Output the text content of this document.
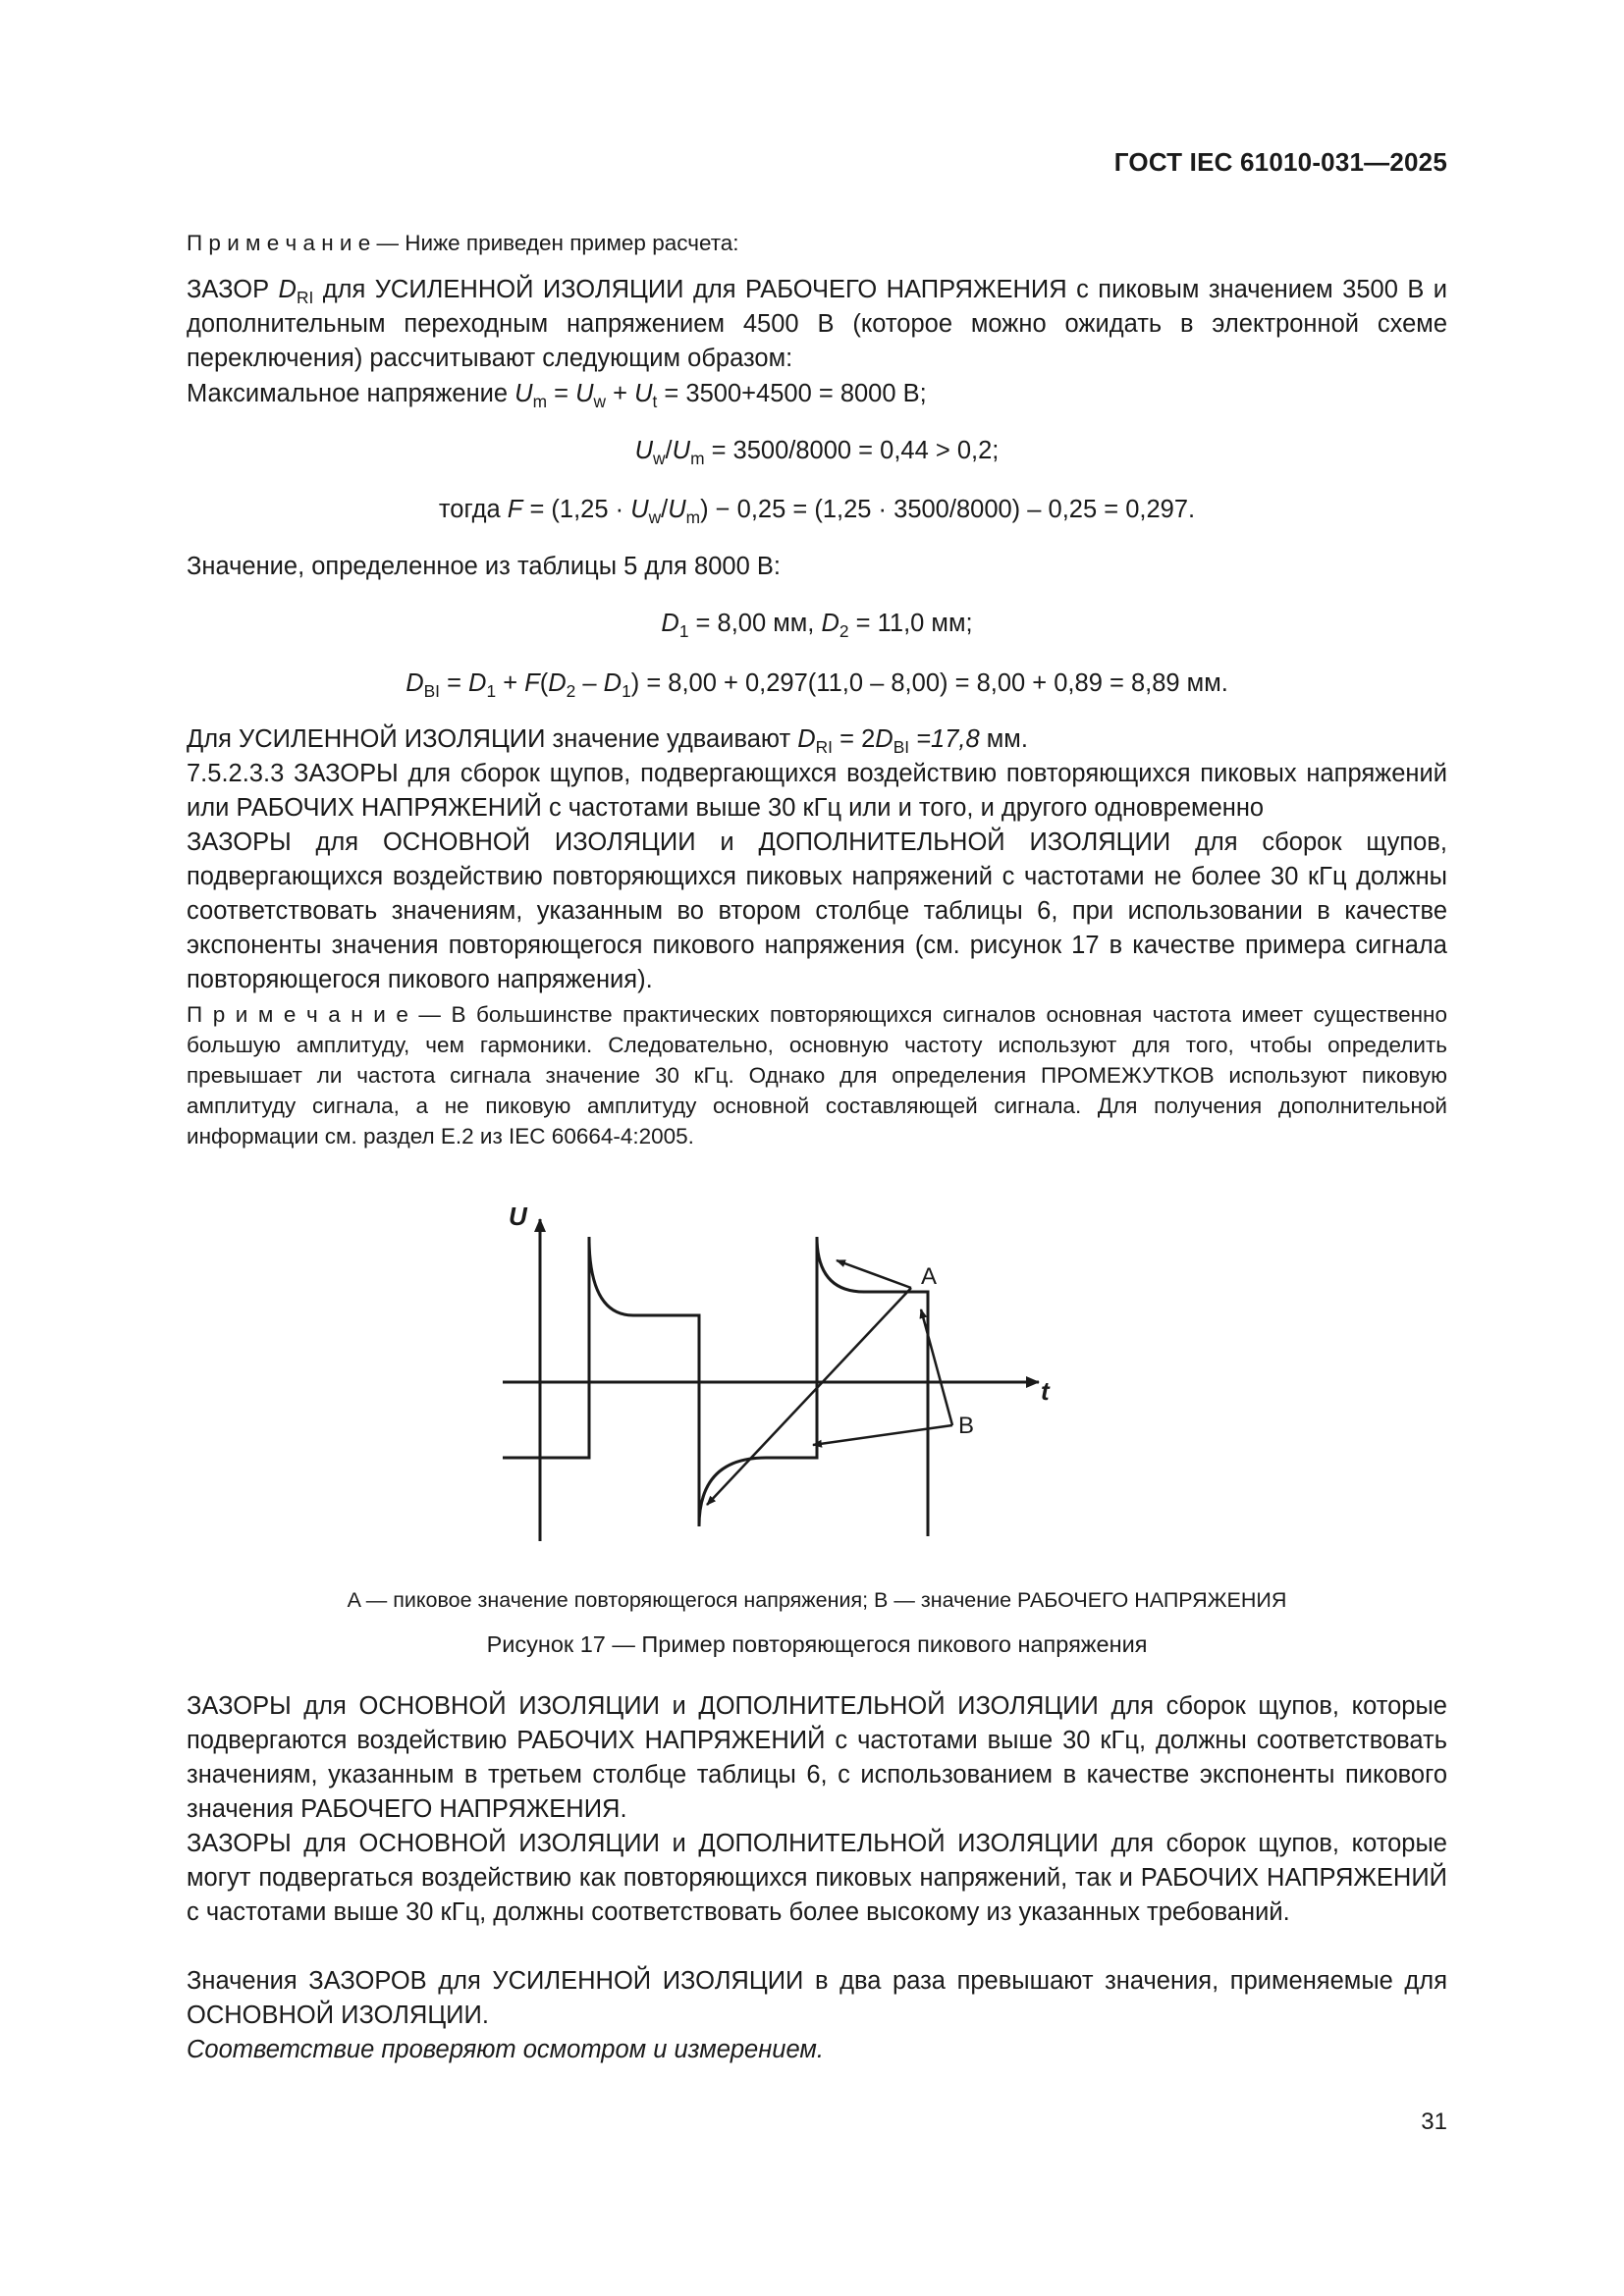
ГОСТ IEC 61010-031—2025
П р и м е ч а н и е — Ниже приведен пример расчета:
ЗАЗОР $D_{RI}$ для УСИЛЕННОЙ ИЗОЛЯЦИИ для РАБОЧЕГО НАПРЯЖЕНИЯ с пиковым значением 3500 В и дополнительным переходным напряжением 4500 В (которое можно ожидать в электронной схеме переключения) рассчитывают следующим образом:
Максимальное напряжение $U_m = U_w + U_t = 3500+4500 = 8000$ В;
$U_w/U_m = 3500/8000 = 0,44 > 0,2$;
тогда $F = (1,25 \cdot U_w/U_m) - 0,25 = (1,25 \cdot 3500/8000) - 0,25 = 0,297$.
Значение, определенное из таблицы 5 для 8000 В:
$D_1 = 8,00$ мм, $D_2 = 11,0$ мм;
$D_{BI} = D_1 + F(D_2 - D_1) = 8,00 + 0,297(11,0 - 8,00) = 8,00 + 0,89 = 8,89$ мм.
Для УСИЛЕННОЙ ИЗОЛЯЦИИ значение удваивают $D_{RI} = 2D_{BI} =17,8$ мм.
7.5.2.3.3 ЗАЗОРЫ для сборок щупов, подвергающихся воздействию повторяющихся пиковых напряжений или РАБОЧИХ НАПРЯЖЕНИЙ с частотами выше 30 кГц или и того, и другого одновременно
ЗАЗОРЫ для ОСНОВНОЙ ИЗОЛЯЦИИ и ДОПОЛНИТЕЛЬНОЙ ИЗОЛЯЦИИ для сборок щупов, подвергающихся воздействию повторяющихся пиковых напряжений с частотами не более 30 кГц должны соответствовать значениям, указанным во втором столбце таблицы 6, при использовании в качестве экспоненты значения повторяющегося пикового напряжения (см. рисунок 17 в качестве примера сигнала повторяющегося пикового напряжения).
П р и м е ч а н и е — В большинстве практических повторяющихся сигналов основная частота имеет существенно большую амплитуду, чем гармоники. Следовательно, основную частоту используют для того, чтобы определить превышает ли частота сигнала значение 30 кГц. Однако для определения ПРОМЕЖУТКОВ используют пиковую амплитуду сигнала, а не пиковую амплитуду основной составляющей сигнала. Для получения дополнительной информации см. раздел E.2 из IEC 60664-4:2005.
U
t
A
B
A — пиковое значение повторяющегося напряжения; B — значение РАБОЧЕГО НАПРЯЖЕНИЯ
Рисунок 17 — Пример повторяющегося пикового напряжения
ЗАЗОРЫ для ОСНОВНОЙ ИЗОЛЯЦИИ и ДОПОЛНИТЕЛЬНОЙ ИЗОЛЯЦИИ для сборок щупов, которые подвергаются воздействию РАБОЧИХ НАПРЯЖЕНИЙ с частотами выше 30 кГц, должны соответствовать значениям, указанным в третьем столбце таблицы 6, с использованием в качестве экспоненты пикового значения РАБОЧЕГО НАПРЯЖЕНИЯ.
ЗАЗОРЫ для ОСНОВНОЙ ИЗОЛЯЦИИ и ДОПОЛНИТЕЛЬНОЙ ИЗОЛЯЦИИ для сборок щупов, которые могут подвергаться воздействию как повторяющихся пиковых напряжений, так и РАБОЧИХ НАПРЯЖЕНИЙ с частотами выше 30 кГц, должны соответствовать более высокому из указанных требований.
Значения ЗАЗОРОВ для УСИЛЕННОЙ ИЗОЛЯЦИИ в два раза превышают значения, применяемые для ОСНОВНОЙ ИЗОЛЯЦИИ.
Соответствие проверяют осмотром и измерением.
31
